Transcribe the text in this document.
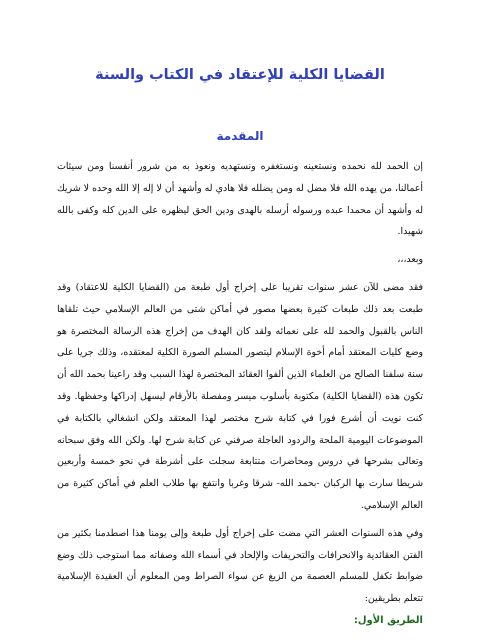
القضايا الكلية للإعتقاد في الكتاب والسنة
المقدمة

إن الحمد لله نحمده ونستعينه ونستغفره ونستهديه ونعوذ به من شرور أنفسنا ومن سيئات أعمالنا، من يهده الله فلا مضل له ومن يضلله فلا هادي له وأشهد أن لا إله إلا الله وحده لا شريك له وأشهد أن محمدا عبده ورسوله أرسله بالهدى ودين الحق ليظهره على الدين كله وكفى بالله شهيدا.

وبعد،،،

فقد مضى للآن عشر سنوات تقريبا على إخراج أول طبعة من (القضايا الكلية للاعتقاد) وقد طبعت بعد ذلك طبعات كثيرة بعضها مصور في أماكن شتى من العالم الإسلامي حيث تلقاها الناس بالقبول والحمد لله على نعمائه ولقد كان الهدف من إخراج هذه الرسالة المختصرة هو وضع كليات المعتقد أمام أخوة الإسلام ليتصور المسلم الصورة الكلية لمعتقده، وذلك جريا على سنة سلفنا الصالح من العلماء الذين ألفوا العقائد المختصرة لهذا السبب وقد راعينا بحمد الله أن تكون هذه (القضايا الكلية) مكتوبة بأسلوب ميسر ومفصلة بالأرقام ليسهل إدراكها وحفظها. وقد كنت نويت أن أشرع فورا في كتابة شرح مختصر لهذا المعتقد ولكن انشغالي بالكتابة في الموضوعات اليومية الملحة والردود العاجلة صرفني عن كتابة شرح لها. ولكن الله وفق سبحانه وتعالى بشرحها في دروس ومحاضرات متتابعة سجلت على أشرطة في نحو خمسة وأربعين شريطا سارت بها الركبان -بحمد الله- شرقا وغربا وانتفع بها طلاب العلم في أماكن كثيرة من العالم الإسلامي.

وفي هذه السنوات العشر التي مضت على إخراج أول طبعة وإلى يومنا هذا اصطدمنا بكثير من الفتن العقائدية والانحرافات والتحريفات والإلحاد في أسماء الله وصفاته مما استوجب ذلك وضع ضوابط تكفل للمسلم العصمة من الزيغ عن سواء الصراط ومن المعلوم أن العقيدة الإسلامية تتعلم بطريقين:

الطريق الأول:
